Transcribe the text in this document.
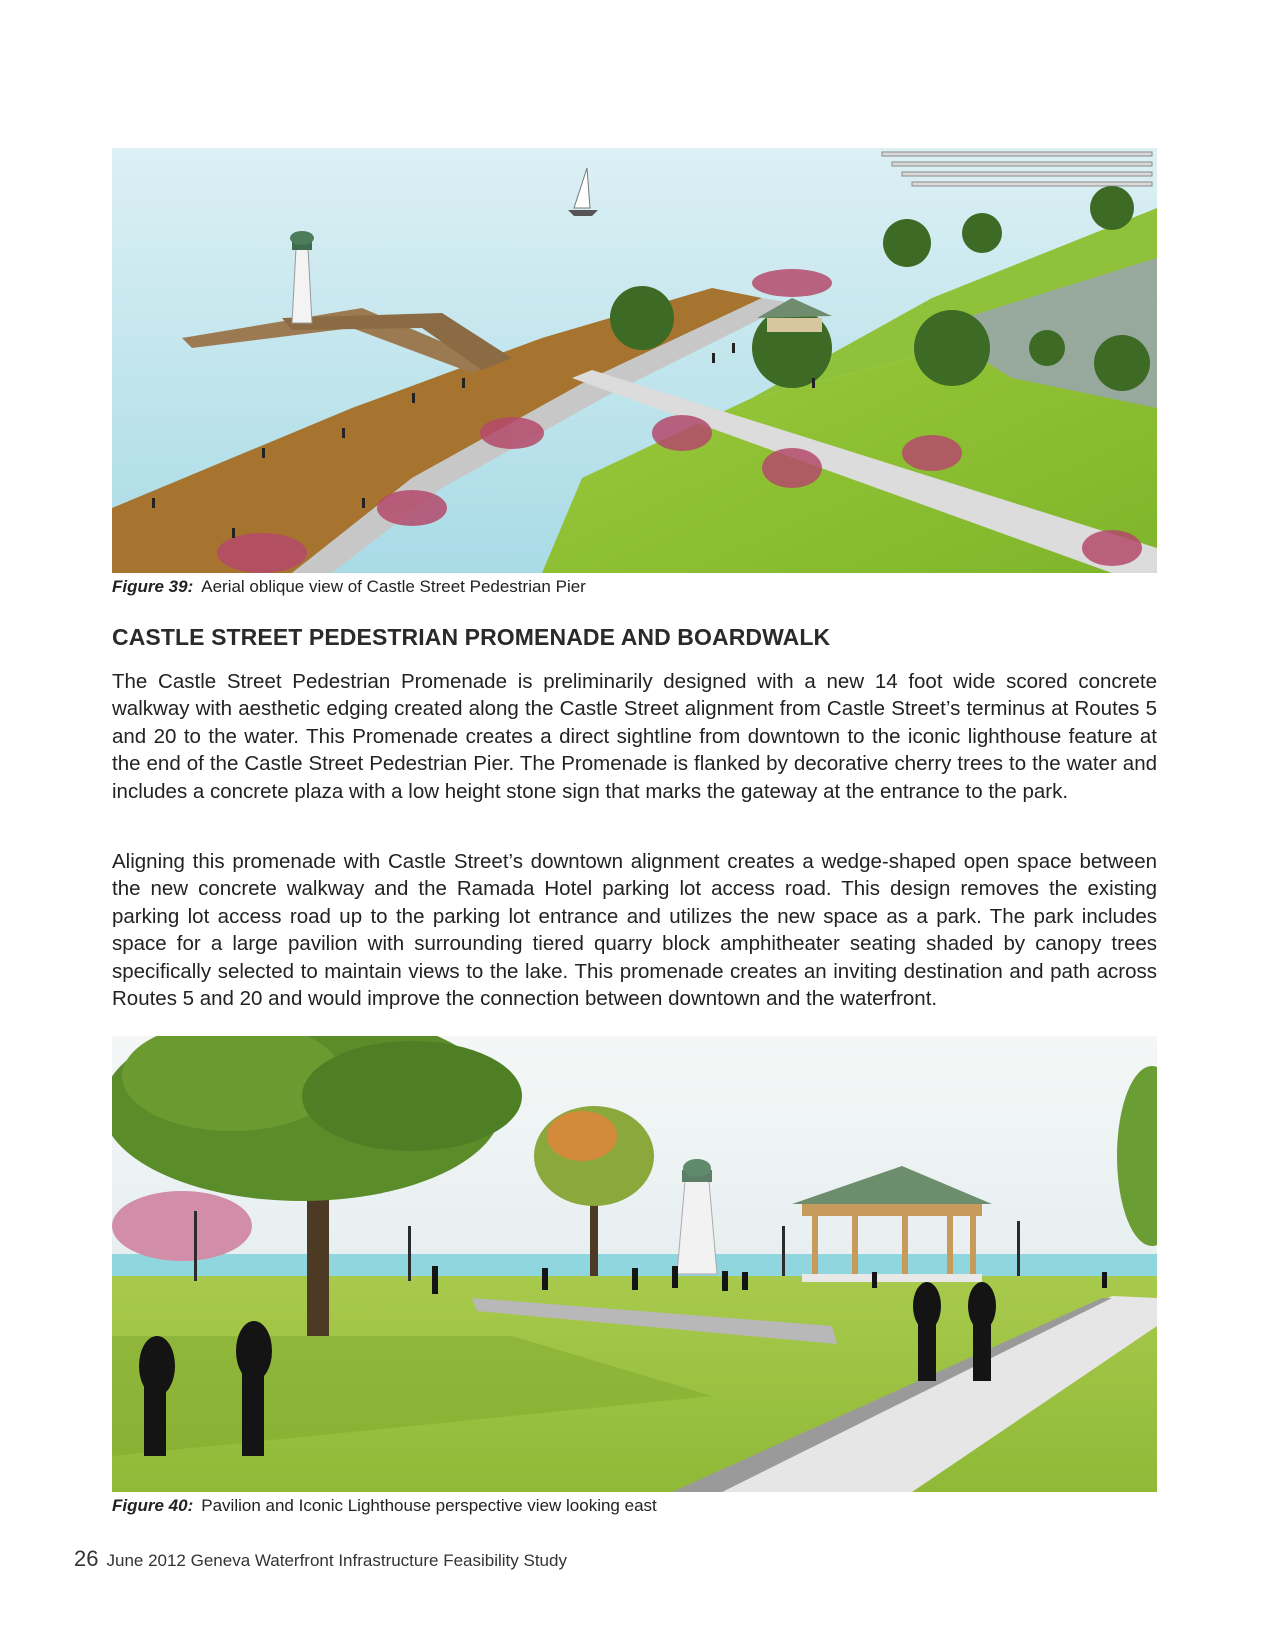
Figure 39: Aerial oblique view of Castle Street Pedestrian Pier
CASTLE STREET PEDESTRIAN PROMENADE AND BOARDWALK

The Castle Street Pedestrian Promenade is preliminarily designed with a new 14 foot wide scored concrete walkway with aesthetic edging created along the Castle Street alignment from Castle Street’s terminus at Routes 5 and 20 to the water. This Promenade creates a direct sightline from downtown to the iconic lighthouse feature at the end of the Castle Street Pedestrian Pier. The Promenade is flanked by decorative cherry trees to the water and includes a concrete plaza with a low height stone sign that marks the gateway at the entrance to the park.

Aligning this promenade with Castle Street’s downtown alignment creates a wedge-shaped open space between the new concrete walkway and the Ramada Hotel parking lot access road. This design removes the existing parking lot access road up to the parking lot entrance and utilizes the new space as a park. The park includes space for a large pavilion with surrounding tiered quarry block amphitheater seating shaded by canopy trees specifically selected to maintain views to the lake. This promenade creates an inviting destination and path across Routes 5 and 20 and would improve the connection between downtown and the waterfront.

Figure 40: Pavilion and Iconic Lighthouse perspective view looking east
26 June 2012 Geneva Waterfront Infrastructure Feasibility Study
